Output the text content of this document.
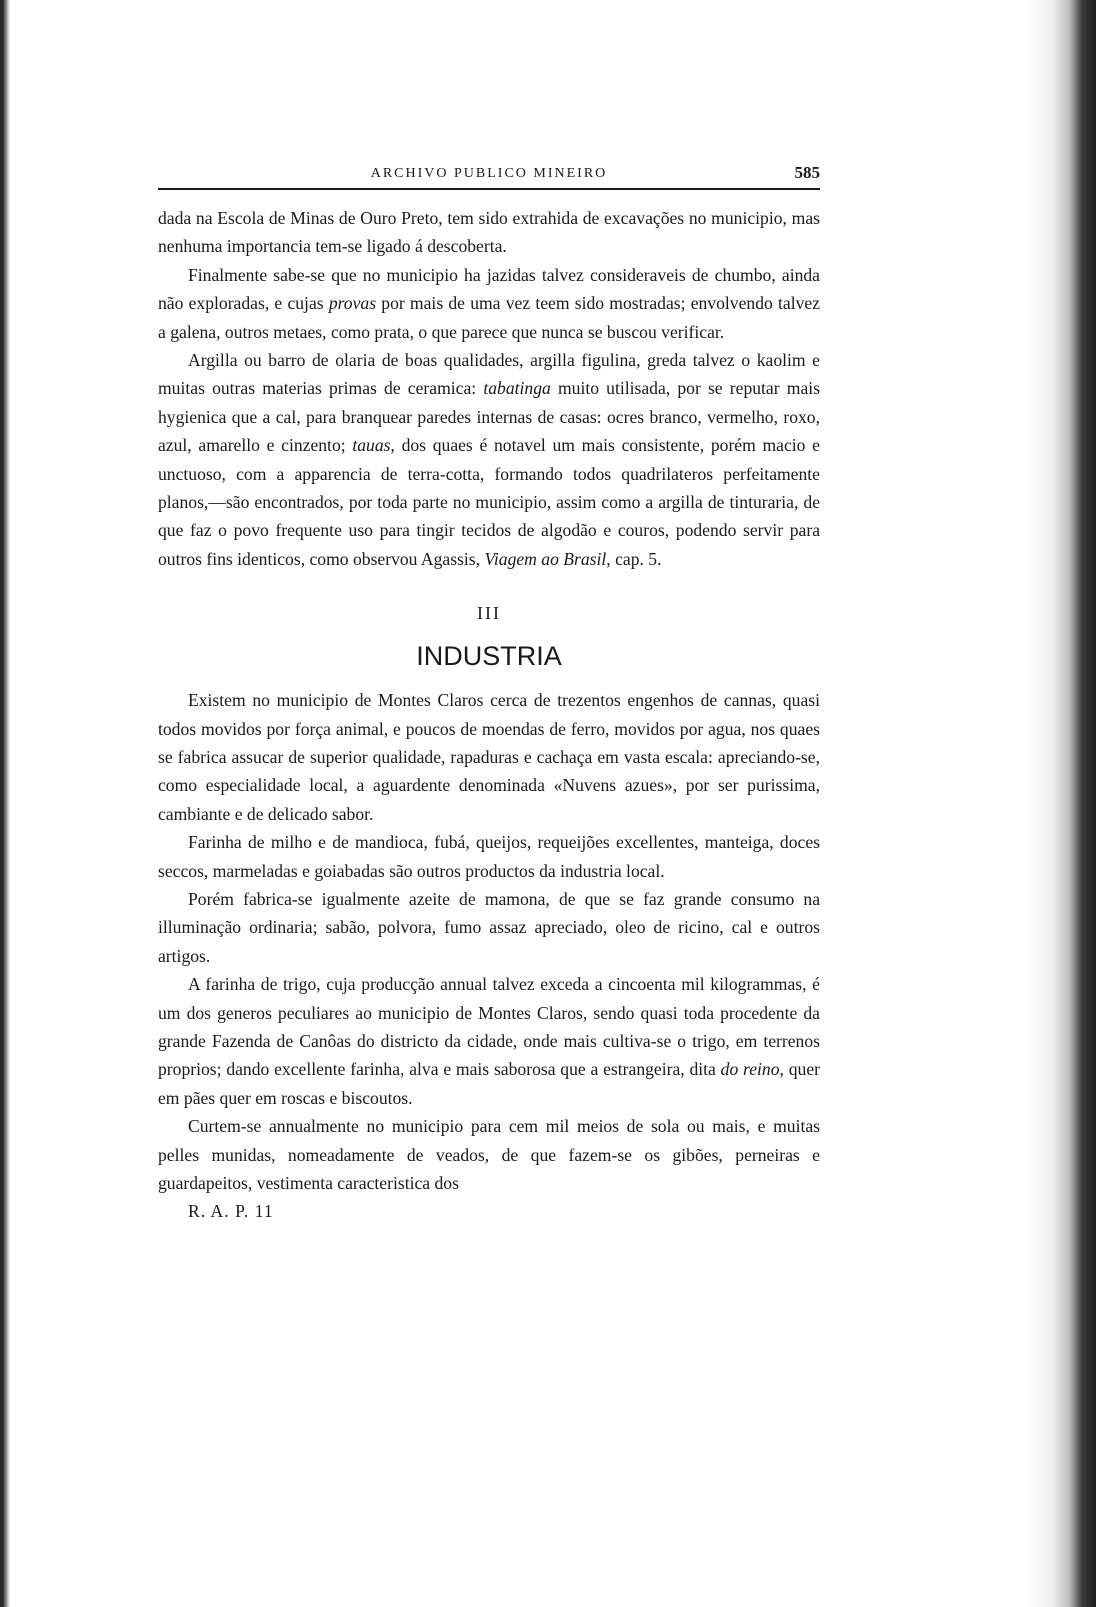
ARCHIVO PUBLICO MINEIRO	585

dada na Escola de Minas de Ouro Preto, tem sido extrahida de excavações no municipio, mas nenhuma importancia tem-se ligado á descoberta.

Finalmente sabe-se que no municipio ha jazidas talvez consideraveis de chumbo, ainda não exploradas, e cujas provas por mais de uma vez teem sido mostradas; envolvendo talvez a galena, outros metaes, como prata, o que parece que nunca se buscou verificar.

Argilla ou barro de olaria de boas qualidades, argilla figulina, greda talvez o kaolim e muitas outras materias primas de ceramica: tabatinga muito utilisada, por se reputar mais hygienica que a cal, para branquear paredes internas de casas: ocres branco, vermelho, roxo, azul, amarello e cinzento; tauas, dos quaes é notavel um mais consistente, porém macio e unctuoso, com a apparencia de terra-cotta, formando todos quadrilateros perfeitamente planos,—são encontrados, por toda parte no municipio, assim como a argilla de tinturaria, de que faz o povo frequente uso para tingir tecidos de algodão e couros, podendo servir para outros fins identicos, como observou Agassis, Viagem ao Brasil, cap. 5.

III
INDUSTRIA

Existem no municipio de Montes Claros cerca de trezentos engenhos de cannas, quasi todos movidos por força animal, e poucos de moendas de ferro, movidos por agua, nos quaes se fabrica assucar de superior qualidade, rapaduras e cachaça em vasta escala: apreciando-se, como especialidade local, a aguardente denominada «Nuvens azues», por ser purissima, cambiante e de delicado sabor.

Farinha de milho e de mandioca, fubá, queijos, requeijões excellentes, manteiga, doces seccos, marmeladas e goiabadas são outros productos da industria local.

Porém fabrica-se igualmente azeite de mamona, de que se faz grande consumo na illuminação ordinaria; sabão, polvora, fumo assaz apreciado, oleo de ricino, cal e outros artigos.

A farinha de trigo, cuja producção annual talvez exceda a cincoenta mil kilogrammas, é um dos generos peculiares ao municipio de Montes Claros, sendo quasi toda procedente da grande Fazenda de Canôas do districto da cidade, onde mais cultiva-se o trigo, em terrenos proprios; dando excellente farinha, alva e mais saborosa que a estrangeira, dita do reino, quer em pães quer em roscas e biscoutos.

Curtem-se annualmente no municipio para cem mil meios de sola ou mais, e muitas pelles munidas, nomeadamente de veados, de que fazem-se os gibões, perneiras e guardapeitos, vestimenta caracteristica dos

R. A. P. 11
